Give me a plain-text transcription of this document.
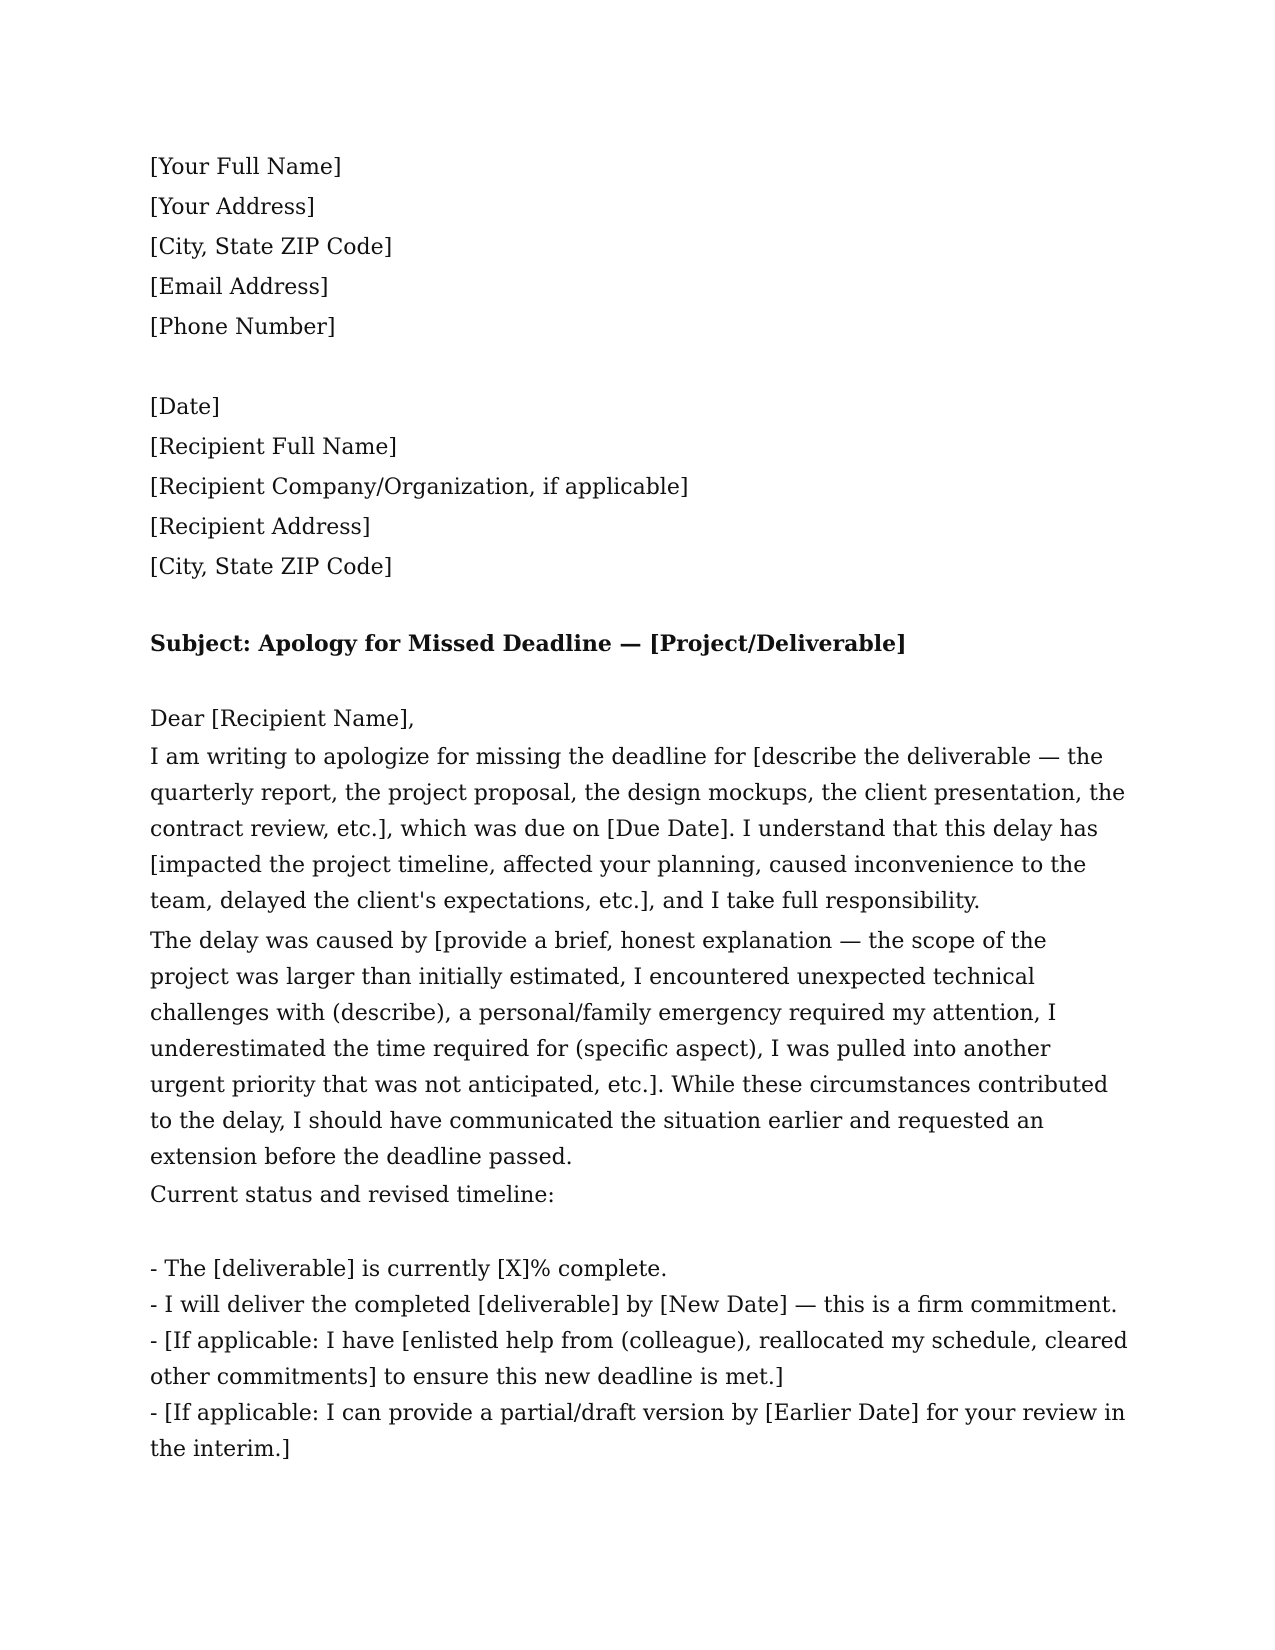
[Your Full Name]
[Your Address]
[City, State ZIP Code]
[Email Address]
[Phone Number]
[Date]
[Recipient Full Name]
[Recipient Company/Organization, if applicable]
[Recipient Address]
[City, State ZIP Code]
Subject: Apology for Missed Deadline — [Project/Deliverable]
Dear [Recipient Name],

I am writing to apologize for missing the deadline for [describe the deliverable — the quarterly report, the project proposal, the design mockups, the client presentation, the contract review, etc.], which was due on [Due Date]. I understand that this delay has [impacted the project timeline, affected your planning, caused inconvenience to the team, delayed the client's expectations, etc.], and I take full responsibility.

The delay was caused by [provide a brief, honest explanation — the scope of the project was larger than initially estimated, I encountered unexpected technical challenges with (describe), a personal/family emergency required my attention, I underestimated the time required for (specific aspect), I was pulled into another urgent priority that was not anticipated, etc.]. While these circumstances contributed to the delay, I should have communicated the situation earlier and requested an extension before the deadline passed.

Current status and revised timeline:
- The [deliverable] is currently [X]% complete.
- I will deliver the completed [deliverable] by [New Date] — this is a firm commitment.
- [If applicable: I have [enlisted help from (colleague), reallocated my schedule, cleared other commitments] to ensure this new deadline is met.]
- [If applicable: I can provide a partial/draft version by [Earlier Date] for your review in the interim.]
